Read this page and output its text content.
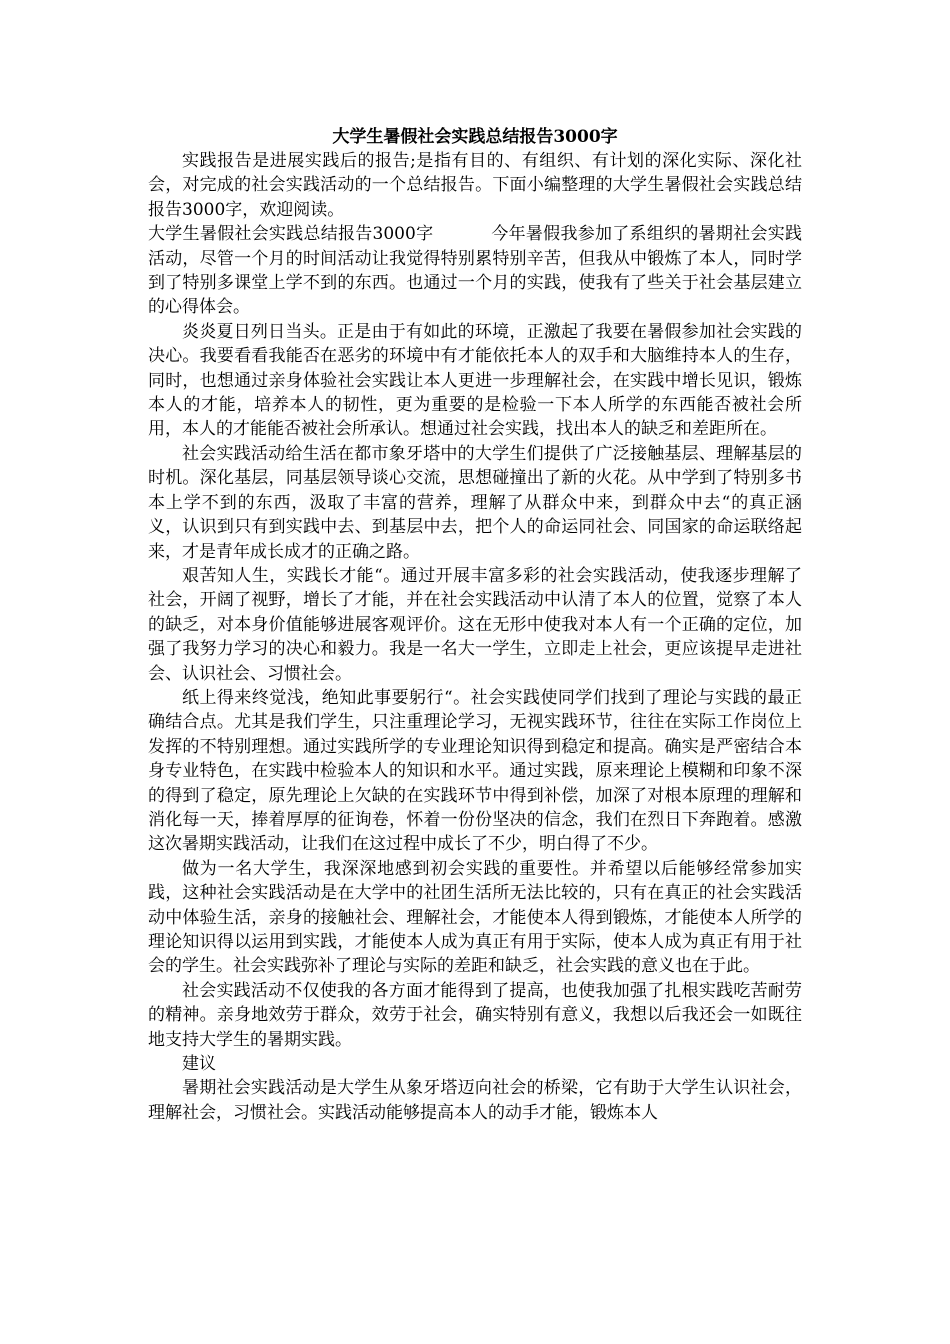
大学生暑假社会实践总结报告3000字

实践报告是进展实践后的报告;是指有目的、有组织、有计划的深化实际、深化社会，对完成的社会实践活动的一个总结报告。下面小编整理的大学生暑假社会实践总结报告3000字，欢迎阅读。

大学生暑假社会实践总结报告3000字	今年暑假我参加了系组织的暑期社会实践活动，尽管一个月的时间活动让我觉得特别累特别辛苦，但我从中锻炼了本人，同时学到了特别多课堂上学不到的东西。也通过一个月的实践，使我有了些关于社会基层建立的心得体会。

炎炎夏日列日当头。正是由于有如此的环境，正激起了我要在暑假参加社会实践的决心。我要看看我能否在恶劣的环境中有才能依托本人的双手和大脑维持本人的生存，同时，也想通过亲身体验社会实践让本人更进一步理解社会，在实践中增长见识，锻炼本人的才能，培养本人的韧性，更为重要的是检验一下本人所学的东西能否被社会所用，本人的才能能否被社会所承认。想通过社会实践，找出本人的缺乏和差距所在。

社会实践活动给生活在都市象牙塔中的大学生们提供了广泛接触基层、理解基层的时机。深化基层，同基层领导谈心交流，思想碰撞出了新的火花。从中学到了特别多书本上学不到的东西，汲取了丰富的营养，理解了从群众中来，到群众中去“的真正涵义，认识到只有到实践中去、到基层中去，把个人的命运同社会、同国家的命运联络起来，才是青年成长成才的正确之路。

艰苦知人生，实践长才能“。通过开展丰富多彩的社会实践活动，使我逐步理解了社会，开阔了视野，增长了才能，并在社会实践活动中认清了本人的位置，觉察了本人的缺乏，对本身价值能够进展客观评价。这在无形中使我对本人有一个正确的定位，加强了我努力学习的决心和毅力。我是一名大一学生，立即走上社会，更应该提早走进社会、认识社会、习惯社会。

纸上得来终觉浅，绝知此事要躬行“。社会实践使同学们找到了理论与实践的最正确结合点。尤其是我们学生，只注重理论学习，无视实践环节，往往在实际工作岗位上发挥的不特别理想。通过实践所学的专业理论知识得到稳定和提高。确实是严密结合本身专业特色，在实践中检验本人的知识和水平。通过实践，原来理论上模糊和印象不深的得到了稳定，原先理论上欠缺的在实践环节中得到补偿，加深了对根本原理的理解和消化每一天，捧着厚厚的征询卷，怀着一份份坚决的信念，我们在烈日下奔跑着。感激这次暑期实践活动，让我们在这过程中成长了不少，明白得了不少。

做为一名大学生，我深深地感到初会实践的重要性。并希望以后能够经常参加实践，这种社会实践活动是在大学中的社团生活所无法比较的，只有在真正的社会实践活动中体验生活，亲身的接触社会、理解社会，才能使本人得到锻炼，才能使本人所学的理论知识得以运用到实践，才能使本人成为真正有用于实际，使本人成为真正有用于社会的学生。社会实践弥补了理论与实际的差距和缺乏，社会实践的意义也在于此。

社会实践活动不仅使我的各方面才能得到了提高，也使我加强了扎根实践吃苦耐劳的精神。亲身地效劳于群众，效劳于社会，确实特别有意义，我想以后我还会一如既往地支持大学生的暑期实践。

建议

暑期社会实践活动是大学生从象牙塔迈向社会的桥梁，它有助于大学生认识社会，理解社会，习惯社会。实践活动能够提高本人的动手才能，锻炼本人
